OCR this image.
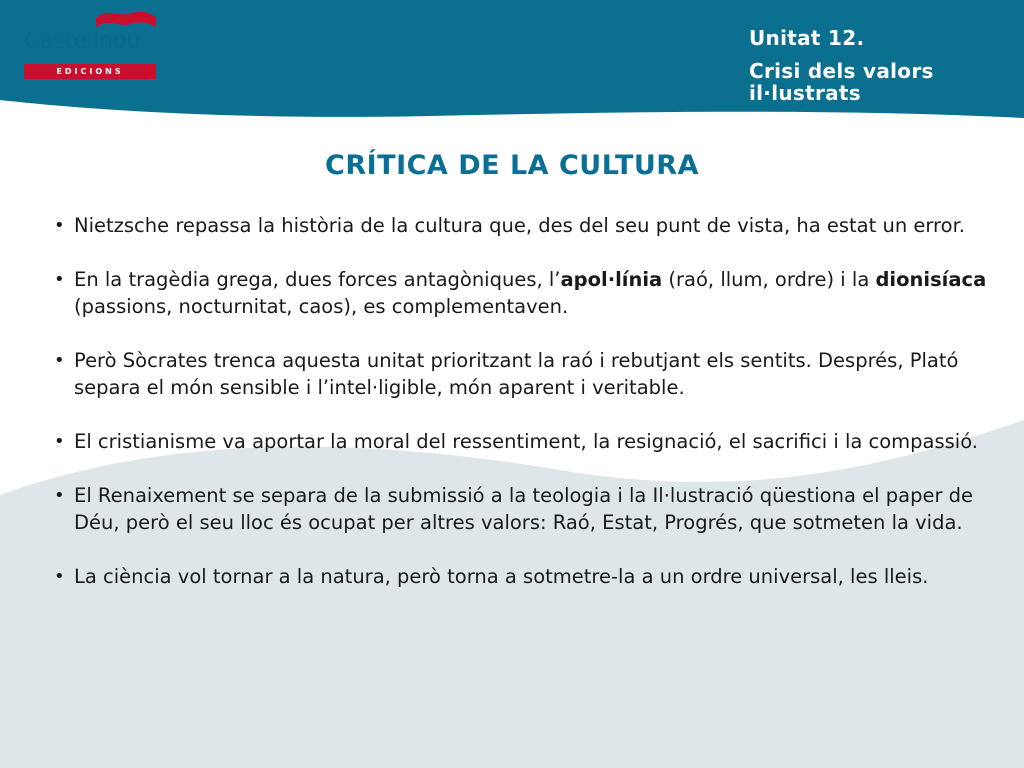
Castellnou
EDICIONS
Unitat 12.
Crisi dels valors
il·lustrats
CRÍTICA DE LA CULTURA
• Nietzsche repassa la història de la cultura que, des del seu punt de vista, ha estat un error.
• En la tragèdia grega, dues forces antagòniques, l’apol·línia (raó, llum, ordre) i la dionisíaca (passions, nocturnitat, caos), es complementaven.
• Però Sòcrates trenca aquesta unitat prioritzant la raó i rebutjant els sentits. Després, Plató separa el món sensible i l’intel·ligible, món aparent i veritable.
• El cristianisme va aportar la moral del ressentiment, la resignació, el sacrifici i la compassió.
• El Renaixement se separa de la submissió a la teologia i la Il·lustració qüestiona el paper de Déu, però el seu lloc és ocupat per altres valors: Raó, Estat, Progrés, que sotmeten la vida.
• La ciència vol tornar a la natura, però torna a sotmetre-la a un ordre universal, les lleis.
